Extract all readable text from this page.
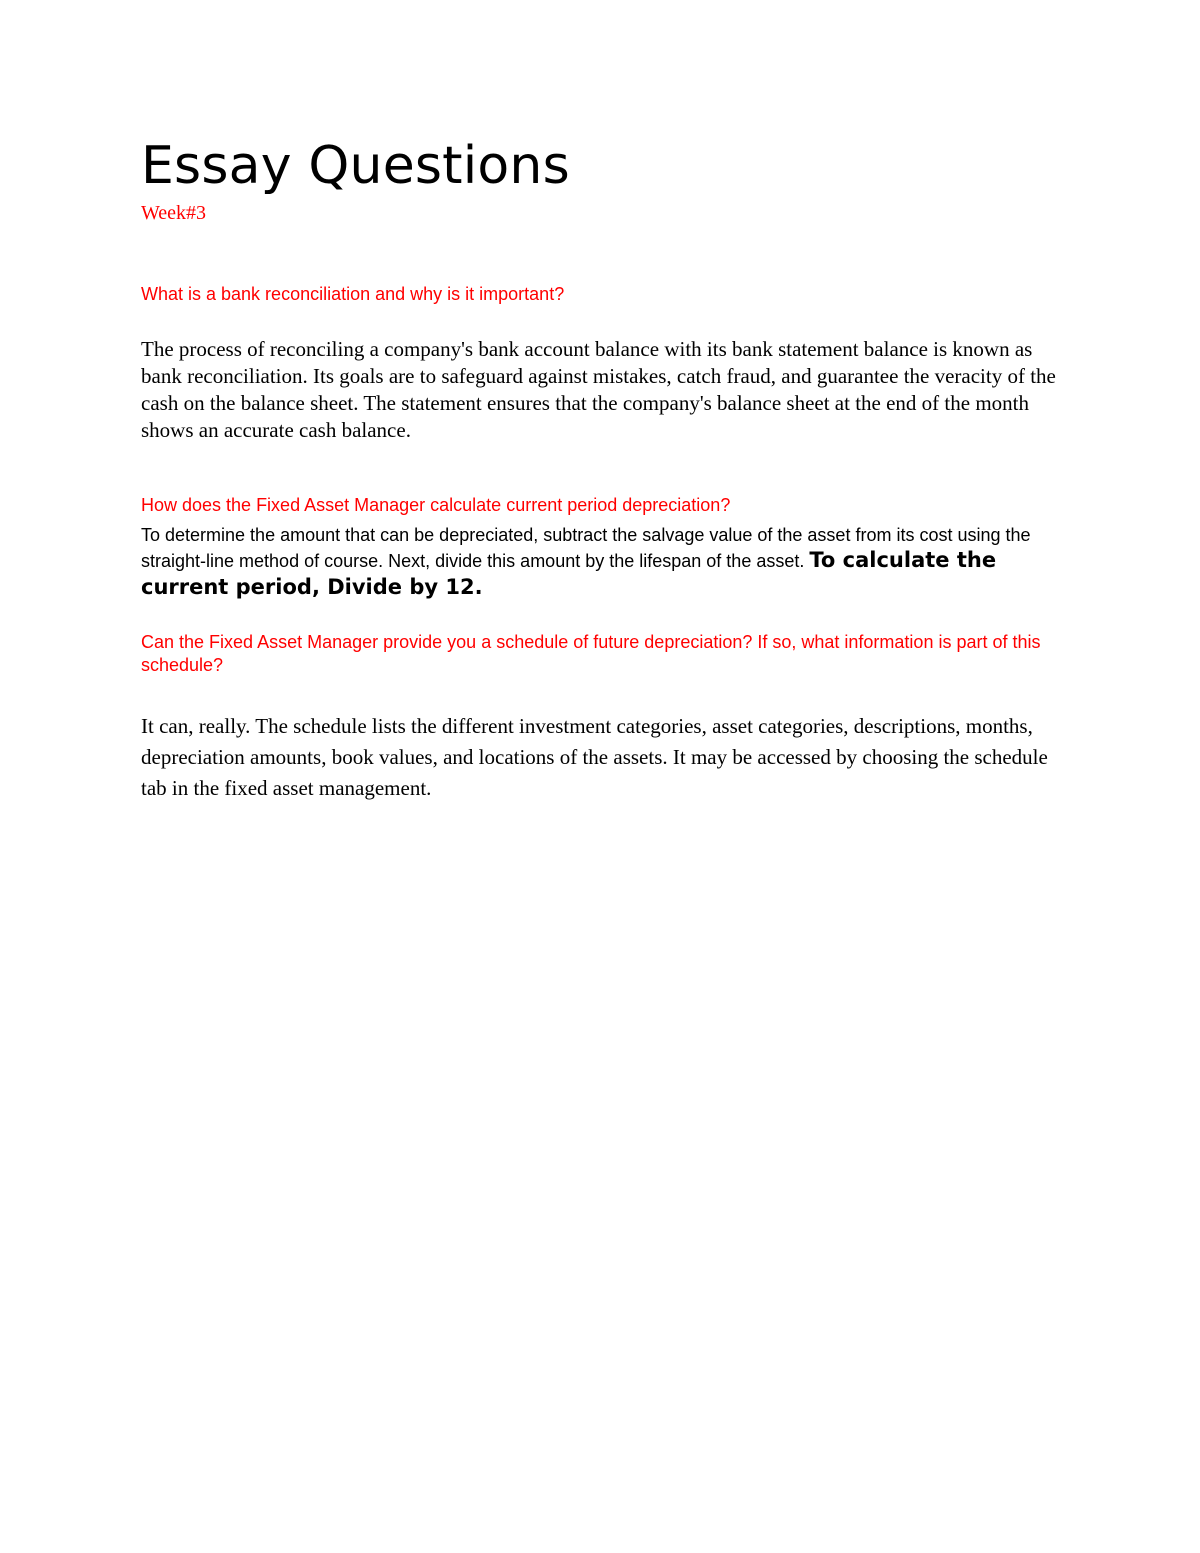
Essay Questions

Week#3

What is a bank reconciliation and why is it important?

The process of reconciling a company's bank account balance with its bank statement balance is known as bank reconciliation. Its goals are to safeguard against mistakes, catch fraud, and guarantee the veracity of the cash on the balance sheet. The statement ensures that the company's balance sheet at the end of the month shows an accurate cash balance.

How does the Fixed Asset Manager calculate current period depreciation?

To determine the amount that can be depreciated, subtract the salvage value of the asset from its cost using the straight-line method of course. Next, divide this amount by the lifespan of the asset. To calculate the current period, Divide by 12.

Can the Fixed Asset Manager provide you a schedule of future depreciation? If so, what information is part of this schedule?

It can, really. The schedule lists the different investment categories, asset categories, descriptions, months, depreciation amounts, book values, and locations of the assets. It may be accessed by choosing the schedule tab in the fixed asset management.
